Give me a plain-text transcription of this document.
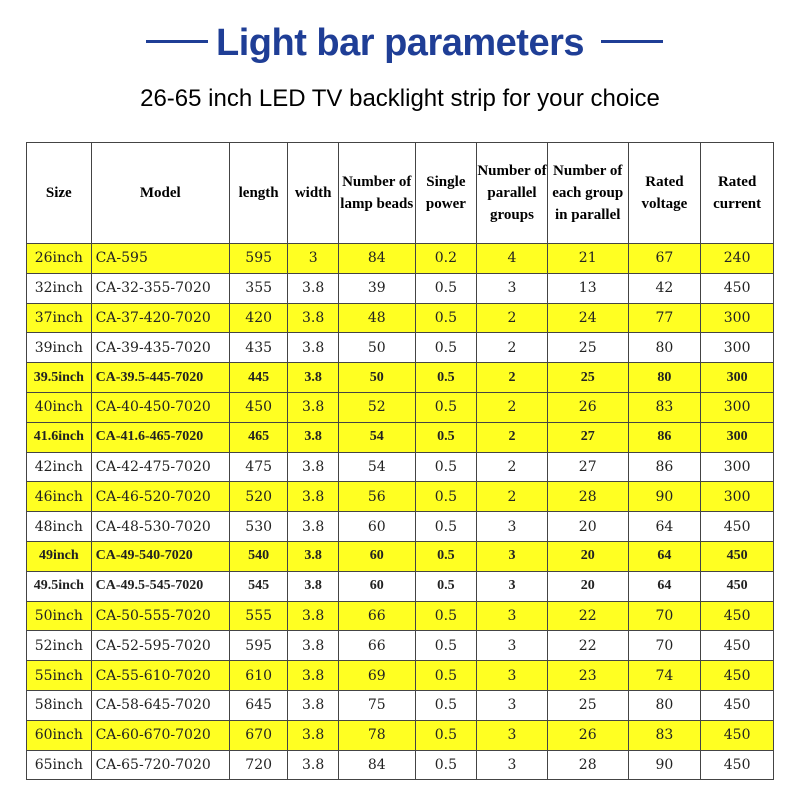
Light bar parameters
26-65 inch LED TV backlight strip for your choice
Size	Model	length	width	Number of lamp beads	Single power	Number of parallel groups	Number of each group in parallel	Rated voltage	Rated current
26inch	CA-595	595	3	84	0.2	4	21	67	240
32inch	CA-32-355-7020	355	3.8	39	0.5	3	13	42	450
37inch	CA-37-420-7020	420	3.8	48	0.5	2	24	77	300
39inch	CA-39-435-7020	435	3.8	50	0.5	2	25	80	300
39.5inch	CA-39.5-445-7020	445	3.8	50	0.5	2	25	80	300
40inch	CA-40-450-7020	450	3.8	52	0.5	2	26	83	300
41.6inch	CA-41.6-465-7020	465	3.8	54	0.5	2	27	86	300
42inch	CA-42-475-7020	475	3.8	54	0.5	2	27	86	300
46inch	CA-46-520-7020	520	3.8	56	0.5	2	28	90	300
48inch	CA-48-530-7020	530	3.8	60	0.5	3	20	64	450
49inch	CA-49-540-7020	540	3.8	60	0.5	3	20	64	450
49.5inch	CA-49.5-545-7020	545	3.8	60	0.5	3	20	64	450
50inch	CA-50-555-7020	555	3.8	66	0.5	3	22	70	450
52inch	CA-52-595-7020	595	3.8	66	0.5	3	22	70	450
55inch	CA-55-610-7020	610	3.8	69	0.5	3	23	74	450
58inch	CA-58-645-7020	645	3.8	75	0.5	3	25	80	450
60inch	CA-60-670-7020	670	3.8	78	0.5	3	26	83	450
65inch	CA-65-720-7020	720	3.8	84	0.5	3	28	90	450
